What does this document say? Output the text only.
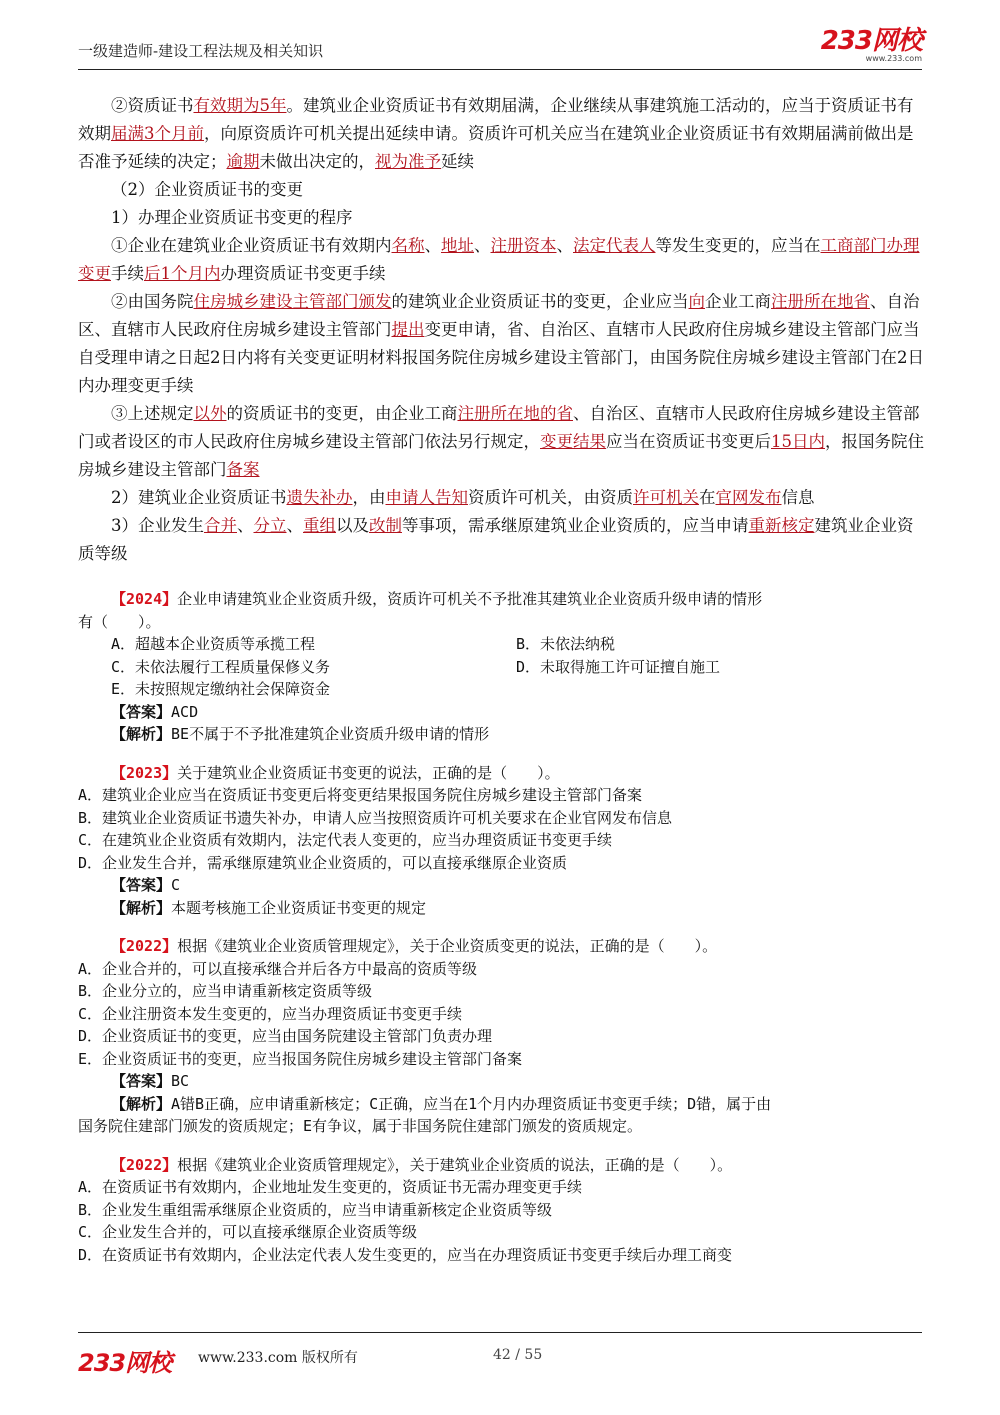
一级建造师-建设工程法规及相关知识	233网校
www.233.com

②资质证书有效期为5年。建筑业企业资质证书有效期届满，企业继续从事建筑施工活动的，应当于资质证书有效期届满3个月前，向原资质许可机关提出延续申请。资质许可机关应当在建筑业企业资质证书有效期届满前做出是否准予延续的决定；逾期未做出决定的，视为准予延续

（2）企业资质证书的变更

1）办理企业资质证书变更的程序

①企业在建筑业企业资质证书有效期内名称、地址、注册资本、法定代表人等发生变更的，应当在工商部门办理变更手续后1个月内办理资质证书变更手续

②由国务院住房城乡建设主管部门颁发的建筑业企业资质证书的变更，企业应当向企业工商注册所在地省、自治区、直辖市人民政府住房城乡建设主管部门提出变更申请，省、自治区、直辖市人民政府住房城乡建设主管部门应当自受理申请之日起2日内将有关变更证明材料报国务院住房城乡建设主管部门，由国务院住房城乡建设主管部门在2日内办理变更手续

③上述规定以外的资质证书的变更，由企业工商注册所在地的省、自治区、直辖市人民政府住房城乡建设主管部门或者设区的市人民政府住房城乡建设主管部门依法另行规定，变更结果应当在资质证书变更后15日内，报国务院住房城乡建设主管部门备案

2）建筑业企业资质证书遗失补办，由申请人告知资质许可机关，由资质许可机关在官网发布信息

3）企业发生合并、分立、重组以及改制等事项，需承继原建筑业企业资质的，应当申请重新核定建筑业企业资质等级

【2024】企业申请建筑业企业资质升级，资质许可机关不予批准其建筑业企业资质升级申请的情形
有（　　）。
A．超越本企业资质等承揽工程	B．未依法纳税
C．未依法履行工程质量保修义务	D．未取得施工许可证擅自施工
E．未按照规定缴纳社会保障资金
【答案】ACD
【解析】BE不属于不予批准建筑企业资质升级申请的情形
【2023】关于建筑业企业资质证书变更的说法，正确的是（　　）。
A．建筑业企业应当在资质证书变更后将变更结果报国务院住房城乡建设主管部门备案
B．建筑业企业资质证书遗失补办，申请人应当按照资质许可机关要求在企业官网发布信息
C．在建筑业企业资质有效期内，法定代表人变更的，应当办理资质证书变更手续
D．企业发生合并，需承继原建筑业企业资质的，可以直接承继原企业资质
【答案】C
【解析】本题考核施工企业资质证书变更的规定
【2022】根据《建筑业企业资质管理规定》，关于企业资质变更的说法，正确的是（　　）。
A．企业合并的，可以直接承继合并后各方中最高的资质等级
B．企业分立的，应当申请重新核定资质等级
C．企业注册资本发生变更的，应当办理资质证书变更手续
D．企业资质证书的变更，应当由国务院建设主管部门负责办理
E．企业资质证书的变更，应当报国务院住房城乡建设主管部门备案
【答案】BC
【解析】A错B正确，应申请重新核定；C正确，应当在1个月内办理资质证书变更手续；D错，属于由
国务院住建部门颁发的资质规定；E有争议，属于非国务院住建部门颁发的资质规定。
【2022】根据《建筑业企业资质管理规定》，关于建筑业企业资质的说法，正确的是（　　）。
A．在资质证书有效期内，企业地址发生变更的，资质证书无需办理变更手续
B．企业发生重组需承继原企业资质的，应当申请重新核定企业资质等级
C．企业发生合并的，可以直接承继原企业资质等级
D．在资质证书有效期内，企业法定代表人发生变更的，应当在办理资质证书变更手续后办理工商变
233网校 www.233.com 版权所有	42 / 55
